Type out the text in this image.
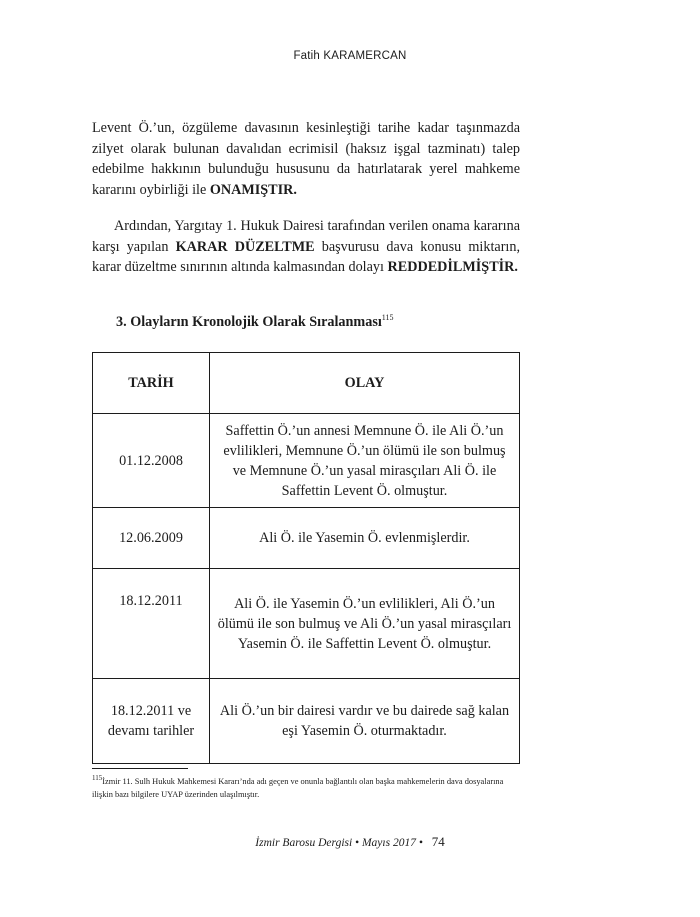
Fatih KARAMERCAN

Levent Ö.’un, özgüleme davasının kesinleştiği tarihe kadar taşınmazda zilyet olarak bulunan davalıdan ecrimisil (haksız işgal tazminatı) talep edebilme hakkının bulunduğu hususunu da hatırlatarak yerel mahkeme kararını oybirliği ile ONAMIŞTIR.

Ardından, Yargıtay 1. Hukuk Dairesi tarafından verilen onama kararına karşı yapılan KARAR DÜZELTME başvurusu dava konusu miktarın, karar düzeltme sınırının altında kalmasından dolayı REDDEDİLMİŞTİR.

3. Olayların Kronolojik Olarak Sıralanması$^{115}$
TARİH	OLAY
01.12.2008	Saffettin Ö.’un annesi Memnune Ö. ile Ali Ö.’un evlilikleri, Memnune Ö.’un ölümü ile son bulmuş ve Memnune Ö.’un yasal mirasçıları Ali Ö. ile Saffettin Levent Ö. olmuştur.
12.06.2009	Ali Ö. ile Yasemin Ö. evlenmişlerdir.
18.12.2011	Ali Ö. ile Yasemin Ö.’un evlilikleri, Ali Ö.’un ölümü ile son bulmuş ve Ali Ö.’un yasal mirasçıları Yasemin Ö. ile Saffettin Levent Ö. olmuştur.
18.12.2011 ve devamı tarihler	Ali Ö.’un bir dairesi vardır ve bu dairede sağ kalan eşi Yasemin Ö. oturmaktadır.
$^{115}$İzmir 11. Sulh Hukuk Mahkemesi Kararı’nda adı geçen ve onunla bağlantılı olan başka mahkemelerin dava dosyalarına ilişkin bazı bilgilere UYAP üzerinden ulaşılmıştır.
İzmir Barosu Dergisi • Mayıs 2017 • 74
